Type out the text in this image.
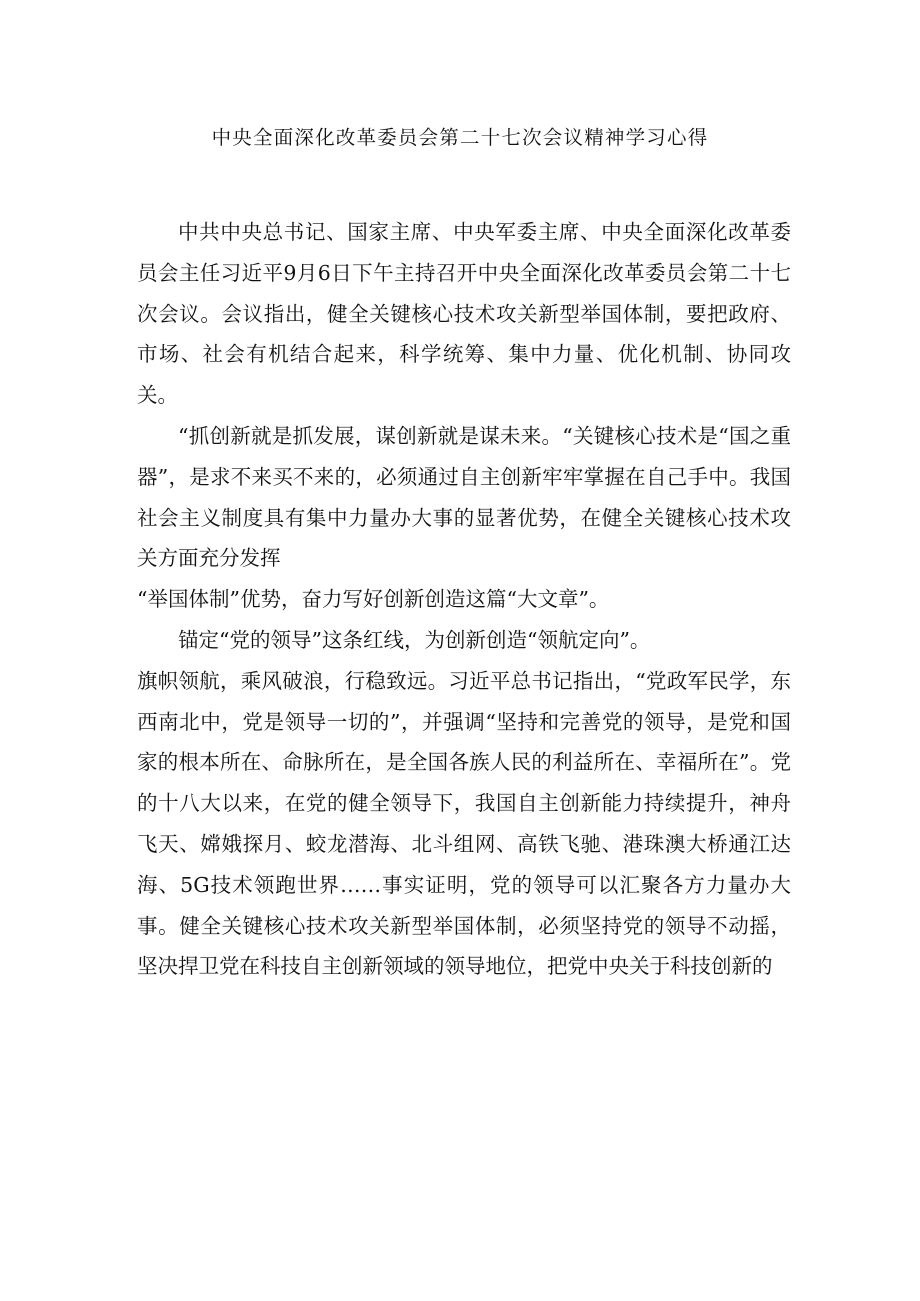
中央全面深化改革委员会第二十七次会议精神学习心得

中共中央总书记、国家主席、中央军委主席、中央全面深化改革委员会主任习近平9月6日下午主持召开中央全面深化改革委员会第二十七次会议。会议指出，健全关键核心技术攻关新型举国体制，要把政府、市场、社会有机结合起来，科学统筹、集中力量、优化机制、协同攻关。

“抓创新就是抓发展，谋创新就是谋未来。“关键核心技术是“国之重器”，是求不来买不来的，必须通过自主创新牢牢掌握在自己手中。我国社会主义制度具有集中力量办大事的显著优势，在健全关键核心技术攻关方面充分发挥

“举国体制”优势，奋力写好创新创造这篇“大文章”。

锚定“党的领导”这条红线，为创新创造“领航定向”。

旗帜领航，乘风破浪，行稳致远。习近平总书记指出，“党政军民学，东西南北中，党是领导一切的”，并强调“坚持和完善党的领导，是党和国家的根本所在、命脉所在，是全国各族人民的利益所在、幸福所在”。党的十八大以来，在党的健全领导下，我国自主创新能力持续提升，神舟飞天、嫦娥探月、蛟龙潜海、北斗组网、高铁飞驰、港珠澳大桥通江达海、5G技术领跑世界……事实证明，党的领导可以汇聚各方力量办大事。健全关键核心技术攻关新型举国体制，必须坚持党的领导不动摇，坚决捍卫党在科技自主创新领域的领导地位，把党中央关于科技创新的
